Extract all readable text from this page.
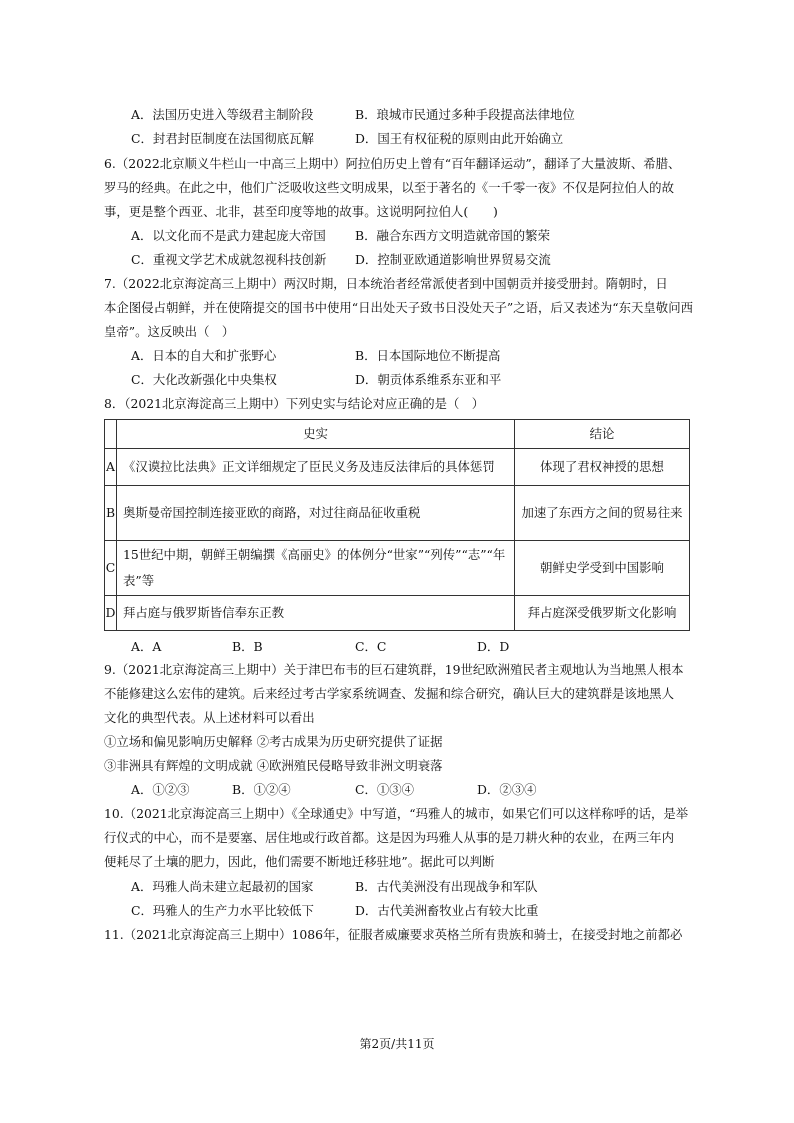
A．法国历史进入等级君主制阶段	B．琅城市民通过多种手段提高法律地位
C．封君封臣制度在法国彻底瓦解	D．国王有权征税的原则由此开始确立
6.（2022北京顺义牛栏山一中高三上期中）阿拉伯历史上曾有“百年翻译运动”，翻译了大量波斯、希腊、
罗马的经典。在此之中，他们广泛吸收这些文明成果，以至于著名的《一千零一夜》不仅是阿拉伯人的故
事，更是整个西亚、北非，甚至印度等地的故事。这说明阿拉伯人(　　)
A．以文化而不是武力建起庞大帝国 B．融合东西方文明造就帝国的繁荣
C．重视文学艺术成就忽视科技创新 D．控制亚欧通道影响世界贸易交流
7.（2022北京海淀高三上期中）两汉时期，日本统治者经常派使者到中国朝贡并接受册封。隋朝时，日
本企图侵占朝鲜，并在使隋提交的国书中使用“日出处天子致书日没处天子”之语，后又表述为“东天皇敬问西
皇帝”。这反映出（　）
A．日本的自大和扩张野心	B．日本国际地位不断提高
C．大化改新强化中央集权	D．朝贡体系维系东亚和平
8．（2021北京海淀高三上期中）下列史实与结论对应正确的是（　）
	史实	结论
A	《汉谟拉比法典》正文详细规定了臣民义务及违反法律后的具体惩罚	体现了君权神授的思想
B	奥斯曼帝国控制连接亚欧的商路，对过往商品征收重税	加速了东西方之间的贸易往来
C	15世纪中期，朝鲜王朝编撰《高丽史》的体例分“世家”“列传”“志”“年表”等	朝鲜史学受到中国影响
D	拜占庭与俄罗斯皆信奉东正教	拜占庭深受俄罗斯文化影响
A．A	B．B	C．C	D．D
9.（2021北京海淀高三上期中）关于津巴布韦的巨石建筑群，19世纪欧洲殖民者主观地认为当地黑人根本
不能修建这么宏伟的建筑。后来经过考古学家系统调查、发掘和综合研究，确认巨大的建筑群是该地黑人
文化的典型代表。从上述材料可以看出
①立场和偏见影响历史解释 ②考古成果为历史研究提供了证据
③非洲具有辉煌的文明成就 ④欧洲殖民侵略导致非洲文明衰落
A．①②③	B．①②④	C．①③④	D．②③④
10.（2021北京海淀高三上期中）《全球通史》中写道，“玛雅人的城市，如果它们可以这样称呼的话，是举
行仪式的中心，而不是要塞、居住地或行政首都。这是因为玛雅人从事的是刀耕火种的农业，在两三年内
便耗尽了土壤的肥力，因此，他们需要不断地迁移驻地”。据此可以判断
A．玛雅人尚未建立起最初的国家	B．古代美洲没有出现战争和军队
C．玛雅人的生产力水平比较低下	D．古代美洲畜牧业占有较大比重
11.（2021北京海淀高三上期中）1086年，征服者威廉要求英格兰所有贵族和骑士，在接受封地之前都必
第2页/共11页
